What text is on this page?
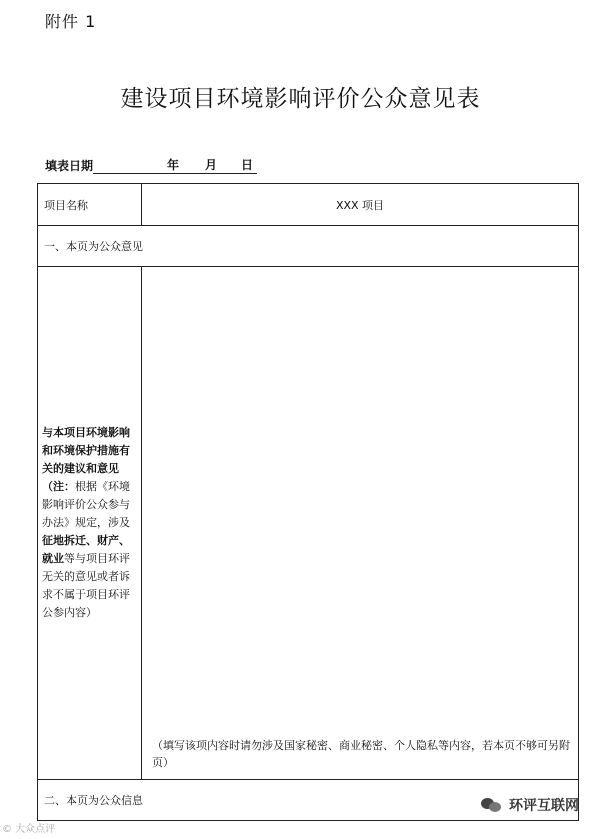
附件 1
建设项目环境影响评价公众意见表
填表日期	年	月	日
项目名称	XXX 项目
一、本页为公众意见	
与本项目环境影响和环境保护措施有关的建议和意见（注：根据《环境影响评价公众参与办法》规定，涉及征地拆迁、财产、就业等与项目环评无关的意见或者诉求不属于项目环评公参内容）	（填写该项内容时请勿涉及国家秘密、商业秘密、个人隐私等内容，若本页不够可另附页）

二、本页为公众信息		环评互联网
© 大众点评
